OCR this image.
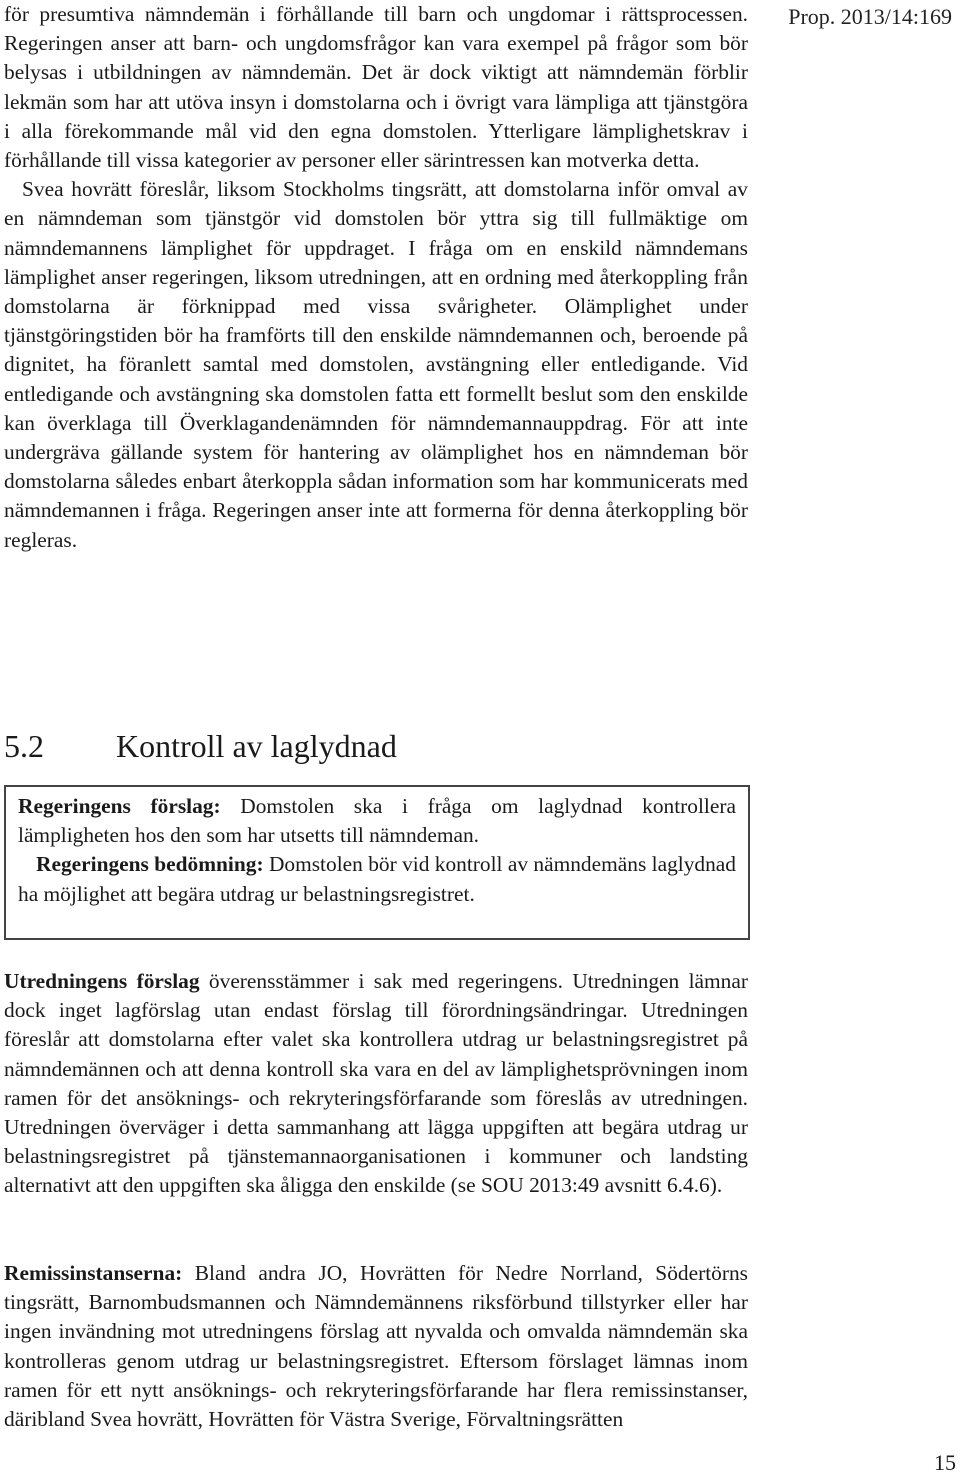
Prop. 2013/14:169

för presumtiva nämndemän i förhållande till barn och ungdomar i rättsprocessen. Regeringen anser att barn- och ungdomsfrågor kan vara exempel på frågor som bör belysas i utbildningen av nämndemän. Det är dock viktigt att nämndemän förblir lekmän som har att utöva insyn i domstolarna och i övrigt vara lämpliga att tjänstgöra i alla förekommande mål vid den egna domstolen. Ytterligare lämplighetskrav i förhållande till vissa kategorier av personer eller särintressen kan motverka detta.

Svea hovrätt föreslår, liksom Stockholms tingsrätt, att domstolarna inför omval av en nämndeman som tjänstgör vid domstolen bör yttra sig till fullmäktige om nämndemannens lämplighet för uppdraget. I fråga om en enskild nämndemans lämplighet anser regeringen, liksom utredningen, att en ordning med återkoppling från domstolarna är förknippad med vissa svårigheter. Olämplighet under tjänstgöringstiden bör ha framförts till den enskilde nämndemannen och, beroende på dignitet, ha föranlett samtal med domstolen, avstängning eller entledigande. Vid entledigande och avstängning ska domstolen fatta ett formellt beslut som den enskilde kan överklaga till Överklagandenämnden för nämndemannauppdrag. För att inte undergräva gällande system för hantering av olämplighet hos en nämndeman bör domstolarna således enbart återkoppla sådan information som har kommunicerats med nämndemannen i fråga. Regeringen anser inte att formerna för denna återkoppling bör regleras.

5.2 Kontroll av laglydnad

Regeringens förslag: Domstolen ska i fråga om laglydnad kontrollera lämpligheten hos den som har utsetts till nämndeman.

Regeringens bedömning: Domstolen bör vid kontroll av nämndemäns laglydnad ha möjlighet att begära utdrag ur belastningsregistret.

Utredningens förslag överensstämmer i sak med regeringens. Utredningen lämnar dock inget lagförslag utan endast förslag till förordningsändringar. Utredningen föreslår att domstolarna efter valet ska kontrollera utdrag ur belastningsregistret på nämndemännen och att denna kontroll ska vara en del av lämplighetsprövningen inom ramen för det ansöknings- och rekryteringsförfarande som föreslås av utredningen. Utredningen överväger i detta sammanhang att lägga uppgiften att begära utdrag ur belastningsregistret på tjänstemannaorganisationen i kommuner och landsting alternativt att den uppgiften ska åligga den enskilde (se SOU 2013:49 avsnitt 6.4.6).

Remissinstanserna: Bland andra JO, Hovrätten för Nedre Norrland, Södertörns tingsrätt, Barnombudsmannen och Nämndemännens riksförbund tillstyrker eller har ingen invändning mot utredningens förslag att nyvalda och omvalda nämndemän ska kontrolleras genom utdrag ur belastningsregistret. Eftersom förslaget lämnas inom ramen för ett nytt ansöknings- och rekryteringsförfarande har flera remissinstanser, däribland Svea hovrätt, Hovrätten för Västra Sverige, Förvaltningsrätten

15
